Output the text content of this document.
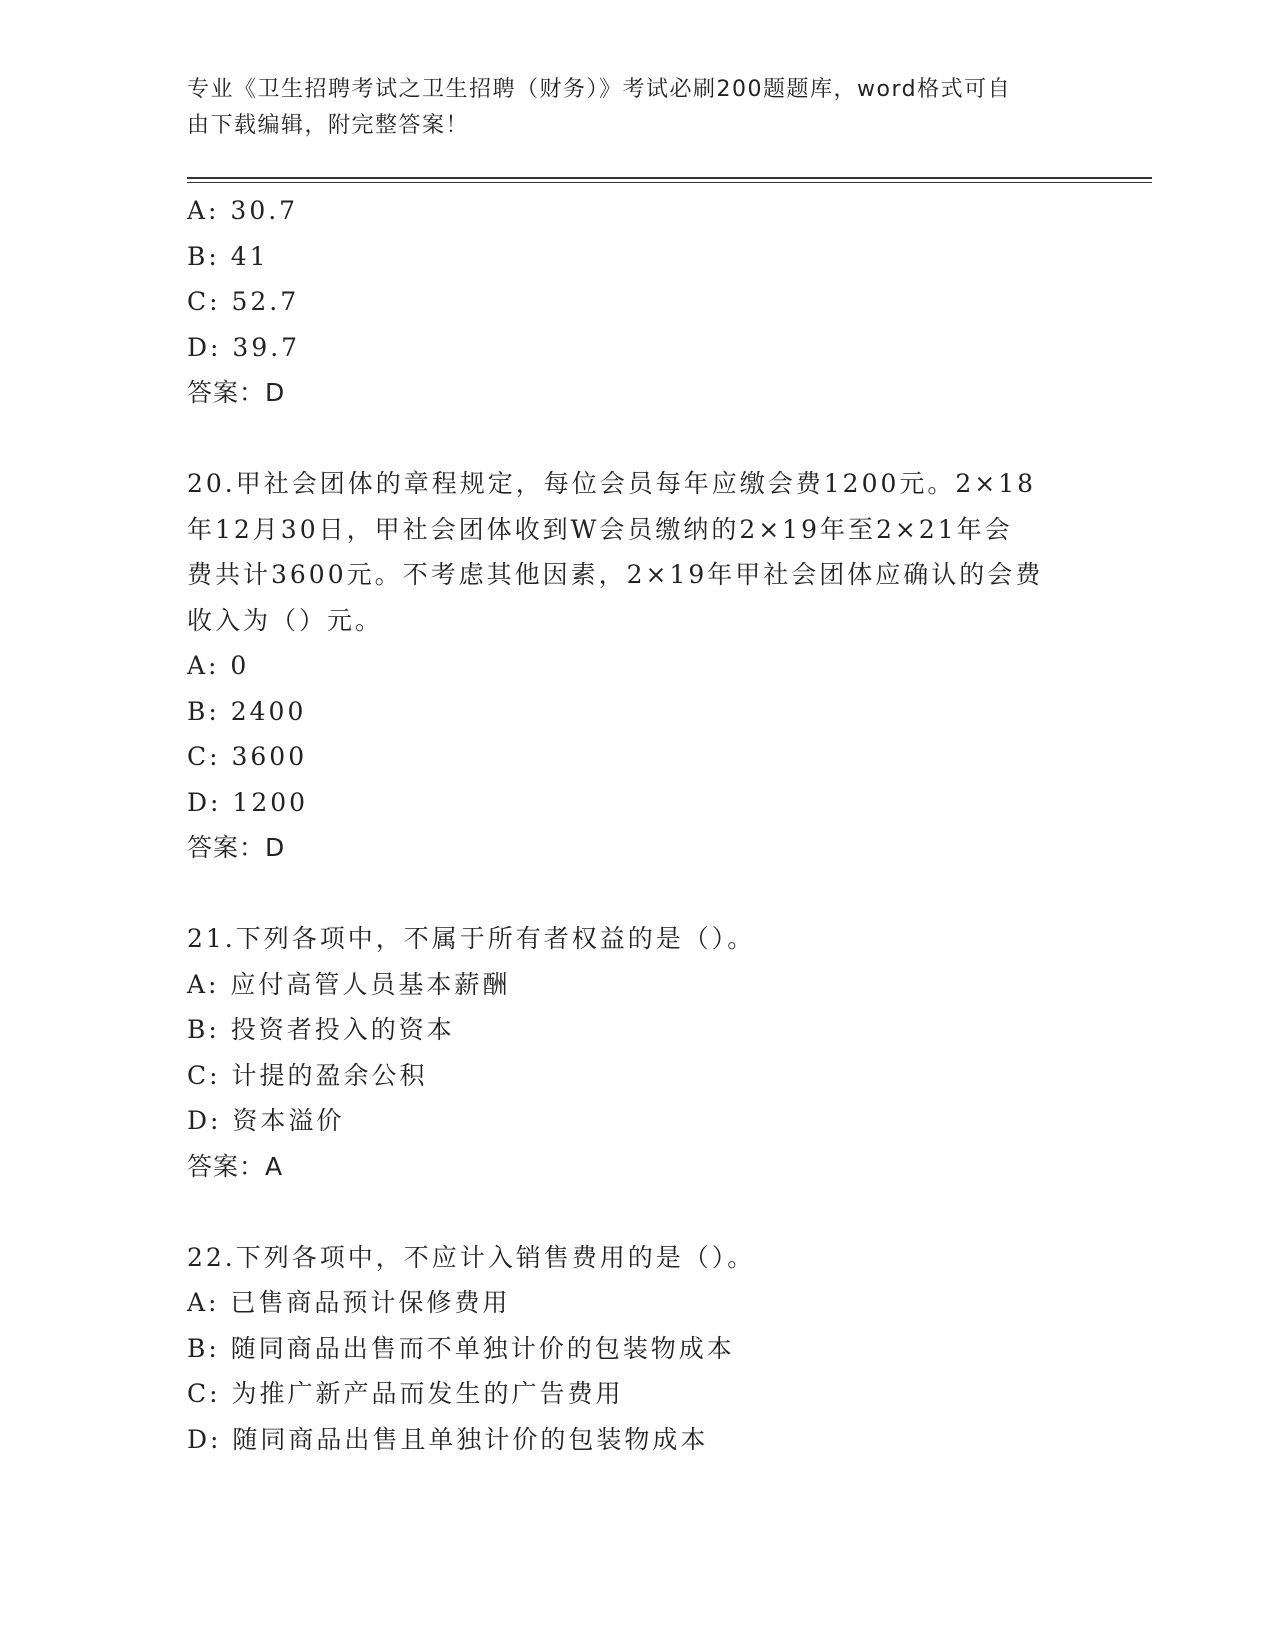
专业《卫生招聘考试之卫生招聘（财务）》考试必刷200题题库，word格式可自
由下载编辑，附完整答案！
A: 30.7
B: 41
C: 52.7
D: 39.7
答案：D
20.甲社会团体的章程规定，每位会员每年应缴会费1200元。2×18
年12月30日，甲社会团体收到W会员缴纳的2×19年至2×21年会
费共计3600元。不考虑其他因素，2×19年甲社会团体应确认的会费
收入为（）元。
A: 0
B: 2400
C: 3600
D: 1200
答案：D
21.下列各项中，不属于所有者权益的是（）。
A: 应付高管人员基本薪酬
B: 投资者投入的资本
C: 计提的盈余公积
D: 资本溢价
答案：A
22.下列各项中，不应计入销售费用的是（）。
A: 已售商品预计保修费用
B: 随同商品出售而不单独计价的包装物成本
C: 为推广新产品而发生的广告费用
D: 随同商品出售且单独计价的包装物成本
